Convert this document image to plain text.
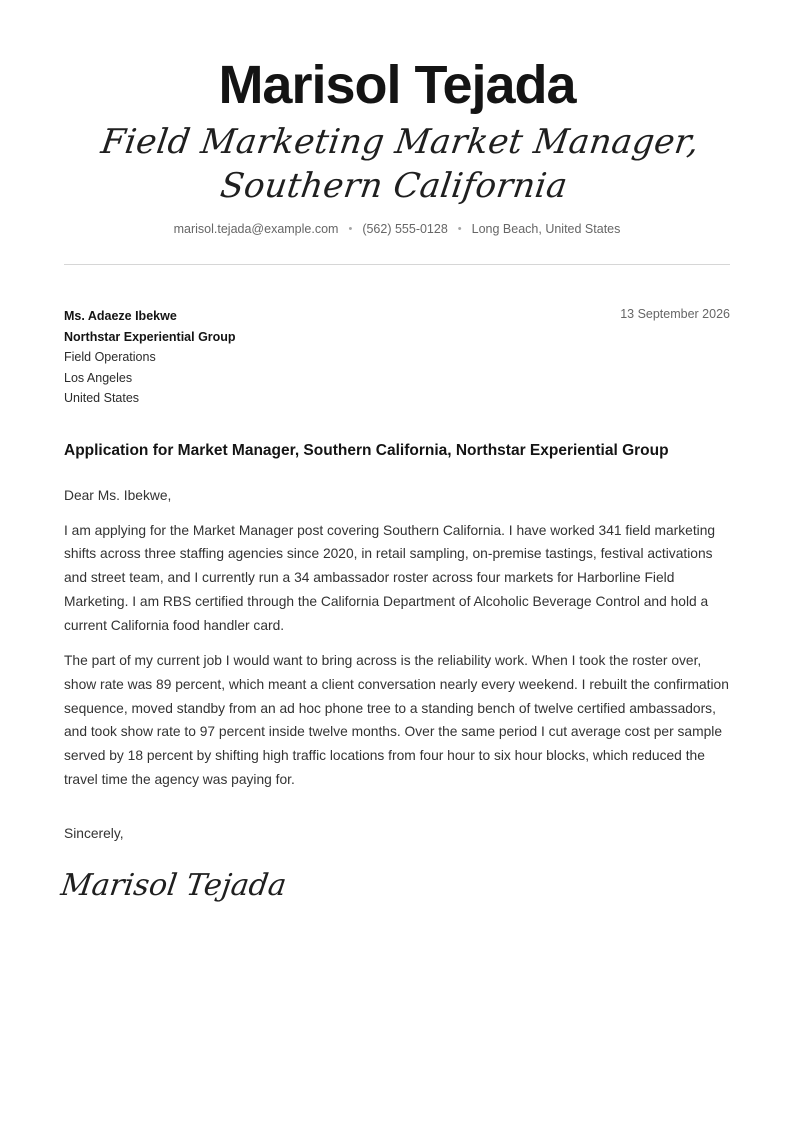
Marisol Tejada
Field Marketing Market Manager, Southern California
marisol.tejada@example.com • (562) 555-0128 • Long Beach, United States
Ms. Adaeze Ibekwe
Northstar Experiential Group
Field Operations
Los Angeles
United States
13 September 2026
Application for Market Manager, Southern California, Northstar Experiential Group

Dear Ms. Ibekwe,

I am applying for the Market Manager post covering Southern California. I have worked 341 field marketing shifts across three staffing agencies since 2020, in retail sampling, on-premise tastings, festival activations and street team, and I currently run a 34 ambassador roster across four markets for Harborline Field Marketing. I am RBS certified through the California Department of Alcoholic Beverage Control and hold a current California food handler card.

The part of my current job I would want to bring across is the reliability work. When I took the roster over, show rate was 89 percent, which meant a client conversation nearly every weekend. I rebuilt the confirmation sequence, moved standby from an ad hoc phone tree to a standing bench of twelve certified ambassadors, and took show rate to 97 percent inside twelve months. Over the same period I cut average cost per sample served by 18 percent by shifting high traffic locations from four hour to six hour blocks, which reduced the travel time the agency was paying for.

Sincerely,
Marisol Tejada
